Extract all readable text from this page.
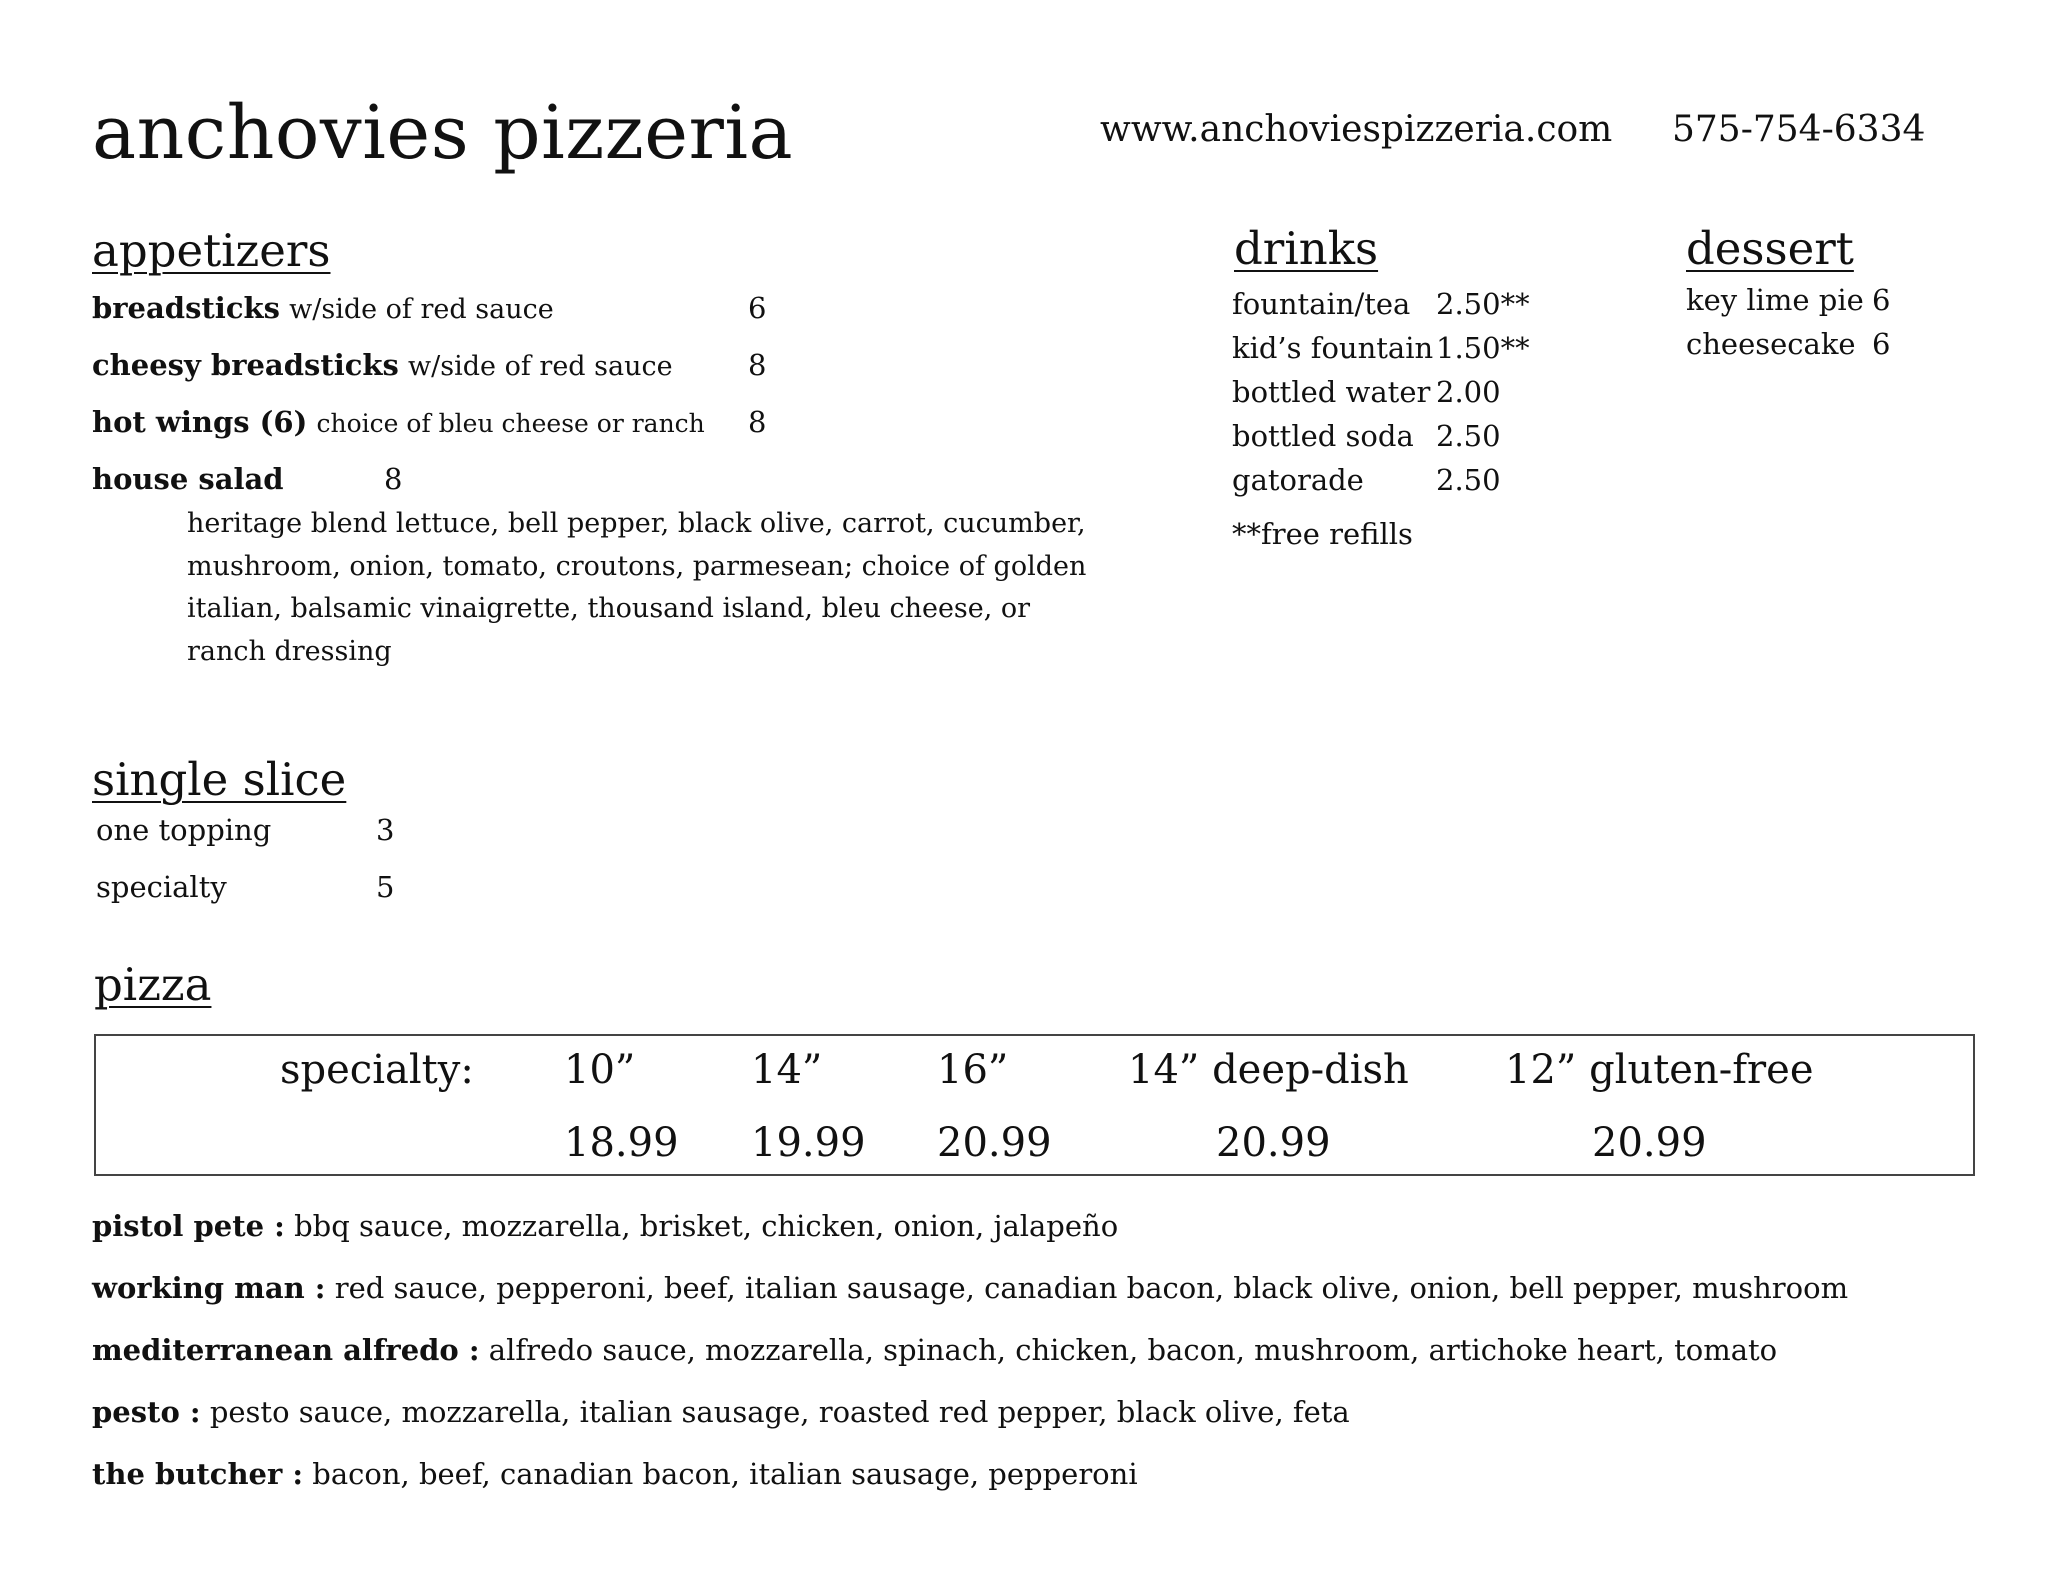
anchovies pizzeria	www.anchoviespizzeria.com 575-754-6334
appetizers
breadsticks w/side of red sauce	6
cheesy breadsticks w/side of red sauce	8
hot wings (6) choice of bleu cheese or ranch 8
house salad	8
heritage blend lettuce, bell pepper, black olive, carrot, cucumber, mushroom, onion, tomato, croutons, parmesean; choice of golden italian, balsamic vinaigrette, thousand island, bleu cheese, or ranch dressing
drinks
fountain/tea 2.50**
kid’s fountain 1.50**
bottled water 2.00
bottled soda 2.50
gatorade 2.50
**free refills
dessert
key lime pie 6
cheesecake 6
single slice
one topping	3
specialty	5
pizza
specialty: 10”	14”	16”	14” deep-dish 12” gluten-free
18.99 19.99 20.99	20.99	20.99
pistol pete : bbq sauce, mozzarella, brisket, chicken, onion, jalapeño
working man : red sauce, pepperoni, beef, italian sausage, canadian bacon, black olive, onion, bell pepper, mushroom
mediterranean alfredo : alfredo sauce, mozzarella, spinach, chicken, bacon, mushroom, artichoke heart, tomato
pesto : pesto sauce, mozzarella, italian sausage, roasted red pepper, black olive, feta
the butcher : bacon, beef, canadian bacon, italian sausage, pepperoni
